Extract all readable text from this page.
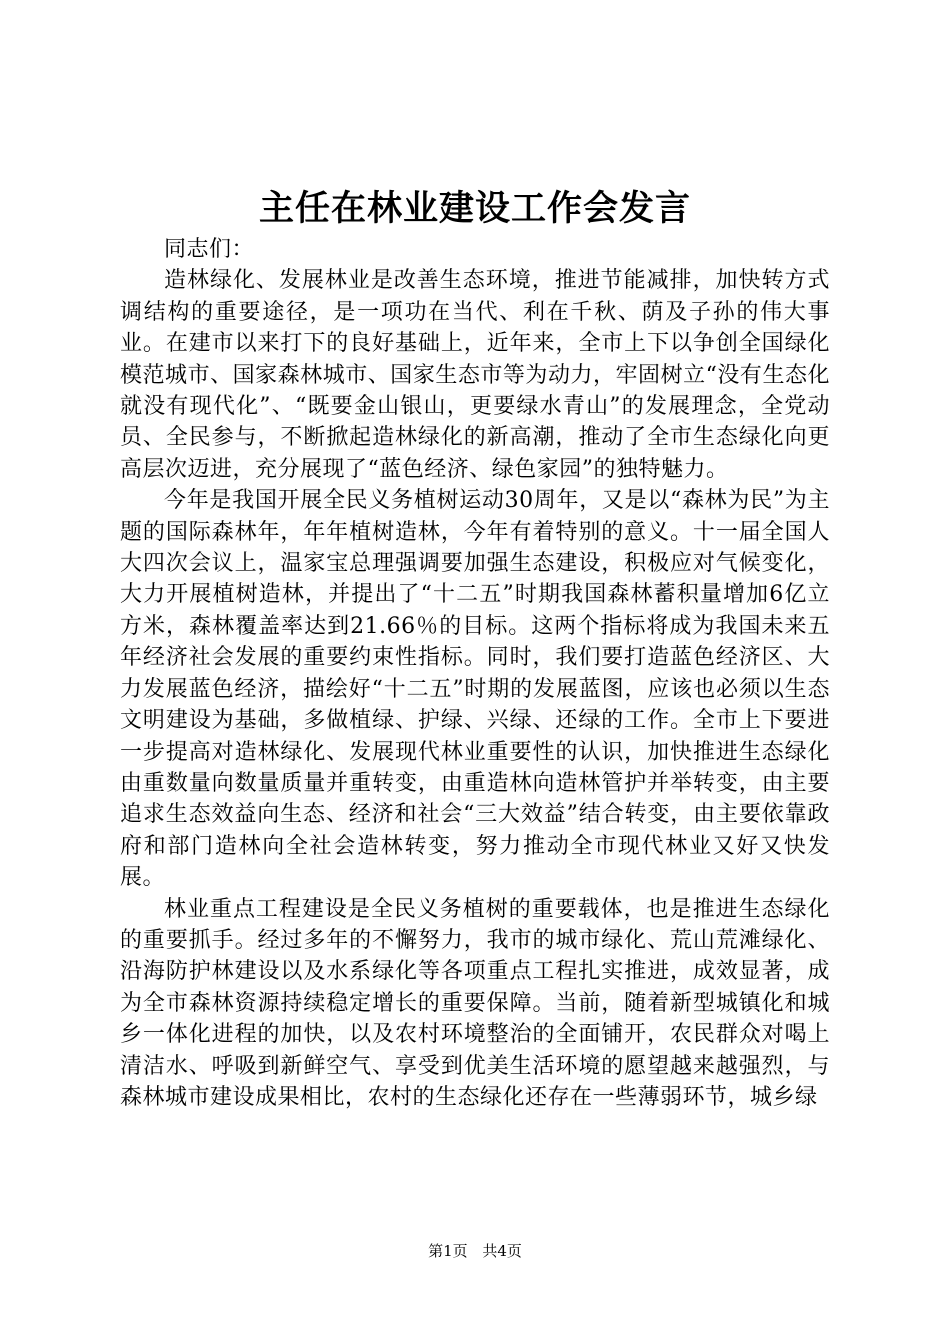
主任在林业建设工作会发言

同志们：

造林绿化、发展林业是改善生态环境，推进节能减排，加快转方式调结构的重要途径，是一项功在当代、利在千秋、荫及子孙的伟大事业。在建市以来打下的良好基础上，近年来，全市上下以争创全国绿化模范城市、国家森林城市、国家生态市等为动力，牢固树立“没有生态化就没有现代化”、“既要金山银山，更要绿水青山”的发展理念，全党动员、全民参与，不断掀起造林绿化的新高潮，推动了全市生态绿化向更高层次迈进，充分展现了“蓝色经济、绿色家园”的独特魅力。

今年是我国开展全民义务植树运动30周年，又是以“森林为民”为主题的国际森林年，年年植树造林，今年有着特别的意义。十一届全国人大四次会议上，温家宝总理强调要加强生态建设，积极应对气候变化，大力开展植树造林，并提出了“十二五”时期我国森林蓄积量增加6亿立方米，森林覆盖率达到21.66％的目标。这两个指标将成为我国未来五年经济社会发展的重要约束性指标。同时，我们要打造蓝色经济区、大力发展蓝色经济，描绘好“十二五”时期的发展蓝图，应该也必须以生态文明建设为基础，多做植绿、护绿、兴绿、还绿的工作。全市上下要进一步提高对造林绿化、发展现代林业重要性的认识，加快推进生态绿化由重数量向数量质量并重转变，由重造林向造林管护并举转变，由主要追求生态效益向生态、经济和社会“三大效益”结合转变，由主要依靠政府和部门造林向全社会造林转变，努力推动全市现代林业又好又快发展。

林业重点工程建设是全民义务植树的重要载体，也是推进生态绿化的重要抓手。经过多年的不懈努力，我市的城市绿化、荒山荒滩绿化、沿海防护林建设以及水系绿化等各项重点工程扎实推进，成效显著，成为全市森林资源持续稳定增长的重要保障。当前，随着新型城镇化和城乡一体化进程的加快，以及农村环境整治的全面铺开，农民群众对喝上清洁水、呼吸到新鲜空气、享受到优美生活环境的愿望越来越强烈，与森林城市建设成果相比，农村的生态绿化还存在一些薄弱环节，城乡绿

第1页 共4页
